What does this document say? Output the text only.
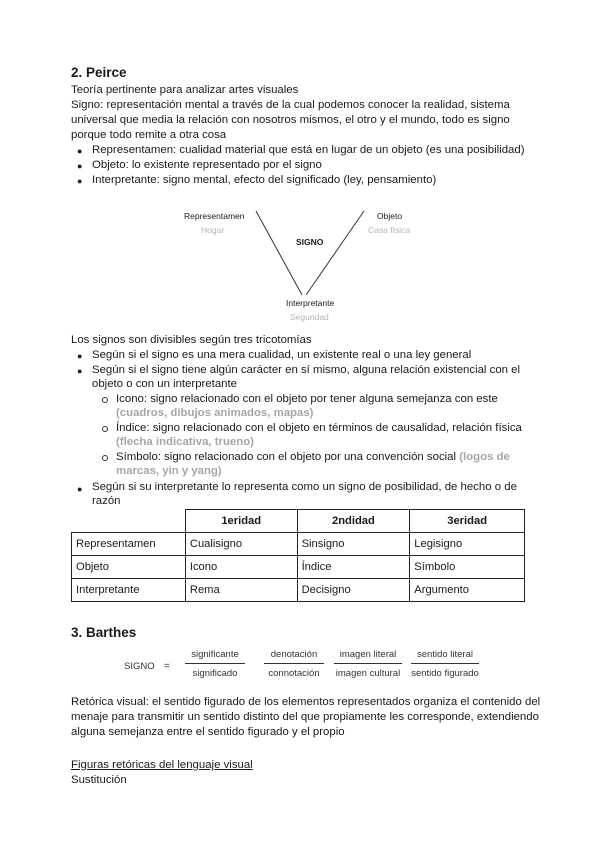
2. Peirce
Teoría pertinente para analizar artes visuales
Signo: representación mental a través de la cual podemos conocer la realidad, sistema
universal que media la relación con nosotros mismos, el otro y el mundo, todo es signo
porque todo remite a otra cosa
● Representamen: cualidad material que está en lugar de un objeto (es una posibilidad)
● Objeto: lo existente representado por el signo
● Interpretante: signo mental, efecto del significado (ley, pensamiento)
Representamen
Hogar
Objeto
Casa física
SIGNO
Interpretante
Seguridad
Los signos son divisibles según tres tricotomías
● Según si el signo es una mera cualidad, un existente real o una ley general
● Según si el signo tiene algún carácter en sí mismo, alguna relación existencial con el
objeto o con un interpretante
Icono: signo relacionado con el objeto por tener alguna semejanza con este
(cuadros, dibujos animados, mapas)
Índice: signo relacionado con el objeto en términos de causalidad, relación física
(flecha indicativa, trueno)
Símbolo: signo relacionado con el objeto por una convención social (logos de
marcas, yin y yang)
● Según si su interpretante lo representa como un signo de posibilidad, de hecho o de
razón
	1eridad	2ndidad	3eridad
Representamen	Cualisigno	Sinsigno	Legisigno
Objeto	Icono	Índice	Símbolo
Interpretante	Rema	Decisigno	Argumento
3. Barthes
SIGNO =
significante
significado
denotación
connotación
imagen literal
imagen cultural
sentido literal
sentido figurado
Retórica visual: el sentido figurado de los elementos representados organiza el contenido del
menaje para transmitir un sentido distinto del que propiamente les corresponde, extendiendo
alguna semejanza entre el sentido figurado y el propio
Figuras retóricas del lenguaje visual
Sustitución
